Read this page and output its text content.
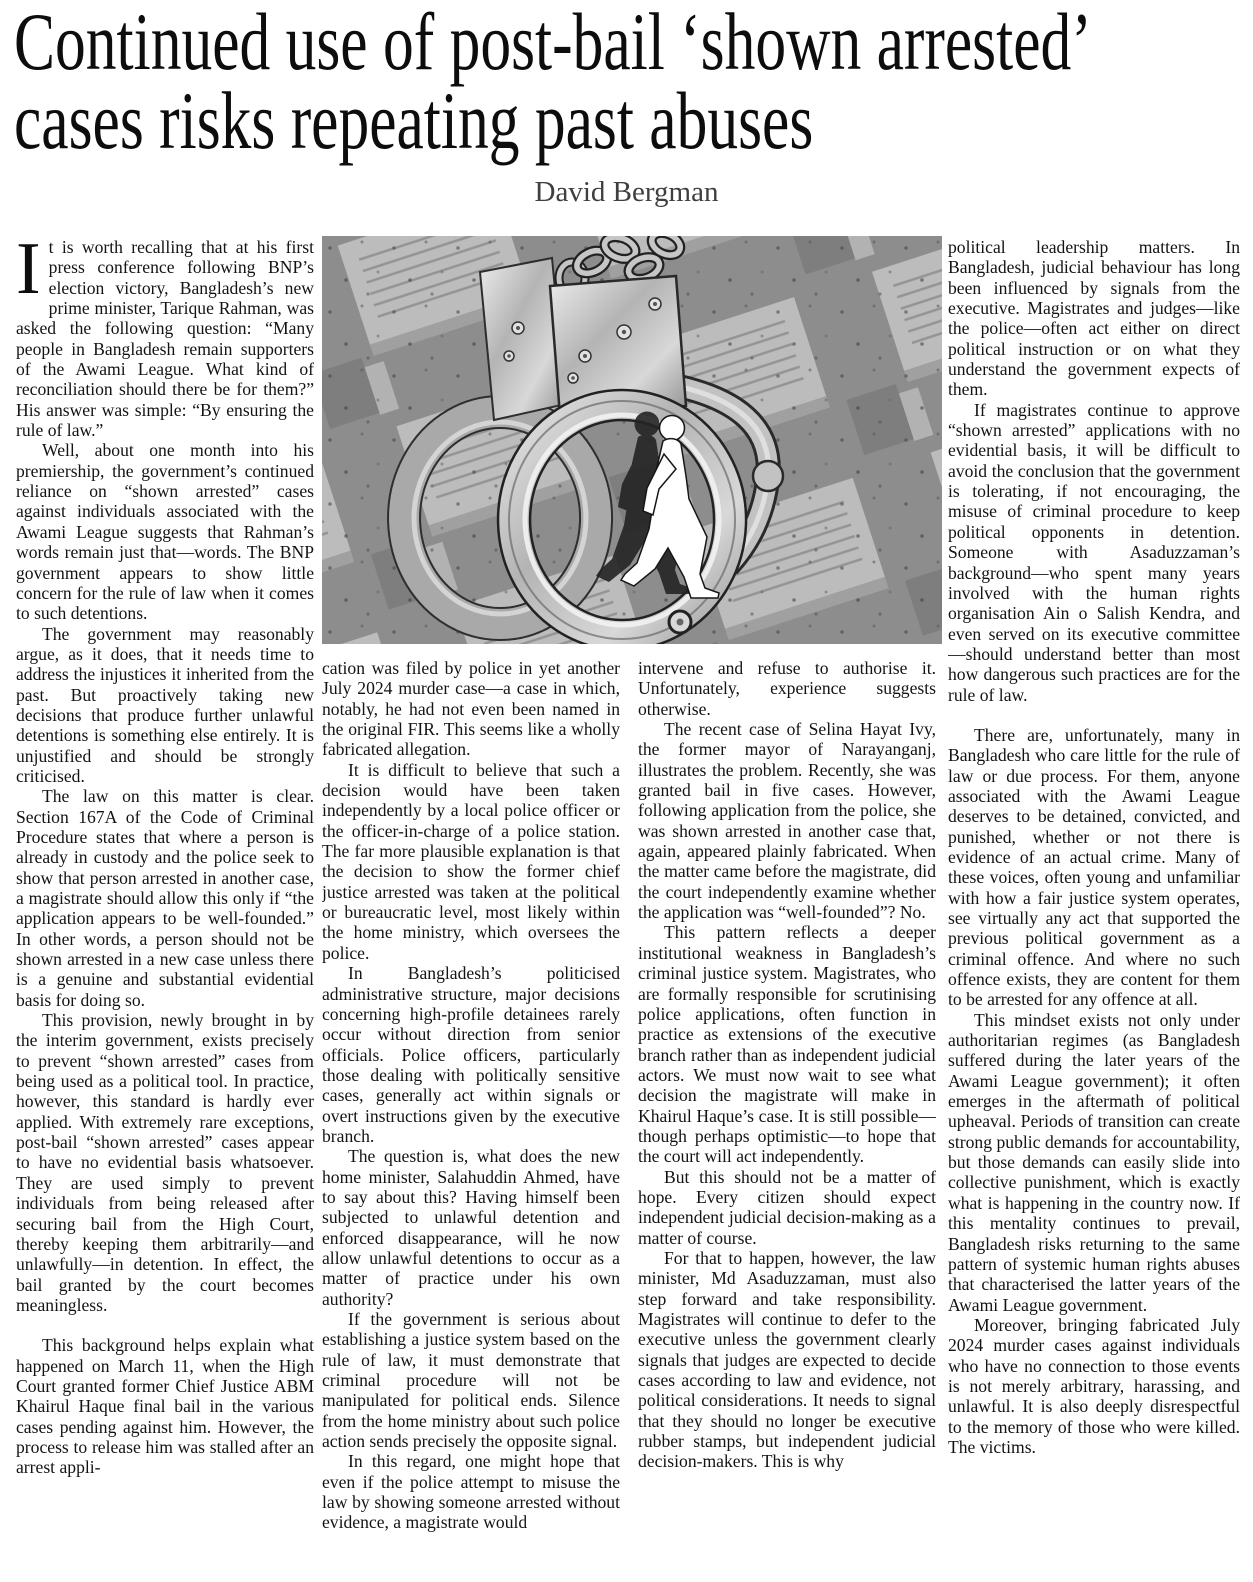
Continued use of post-bail ‘shown arrested’
cases risks repeating past abuses
David Bergman

It is worth recalling that at his first press conference following BNP’s election victory, Bangladesh’s new prime minister, Tarique Rahman, was asked the following question: “Many people in Bangladesh remain supporters of the Awami League. What kind of reconciliation should there be for them?” His answer was simple: “By ensuring the rule of law.”

Well, about one month into his premiership, the government’s continued reliance on “shown arrested” cases against individuals associated with the Awami League suggests that Rahman’s words remain just that—words. The BNP government appears to show little concern for the rule of law when it comes to such detentions.

The government may reasonably argue, as it does, that it needs time to address the injustices it inherited from the past. But proactively taking new decisions that produce further unlawful detentions is something else entirely. It is unjustified and should be strongly criticised.

The law on this matter is clear. Section 167A of the Code of Criminal Procedure states that where a person is already in custody and the police seek to show that person arrested in another case, a magistrate should allow this only if “the application appears to be well-founded.” In other words, a person should not be shown arrested in a new case unless there is a genuine and substantial evidential basis for doing so.

This provision, newly brought in by the interim government, exists precisely to prevent “shown arrested” cases from being used as a political tool. In practice, however, this standard is hardly ever applied. With extremely rare exceptions, post-bail “shown arrested” cases appear to have no evidential basis whatsoever. They are used simply to prevent individuals from being released after securing bail from the High Court, thereby keeping them arbitrarily—and unlawfully—in detention. In effect, the bail granted by the court becomes meaningless.

This background helps explain what happened on March 11, when the High Court granted former Chief Justice ABM Khairul Haque final bail in the various cases pending against him. However, the process to release him was stalled after an arrest appli-

cation was filed by police in yet another July 2024 murder case—a case in which, notably, he had not even been named in the original FIR. This seems like a wholly fabricated allegation.

It is difficult to believe that such a decision would have been taken independently by a local police officer or the officer-in-charge of a police station. The far more plausible explanation is that the decision to show the former chief justice arrested was taken at the political or bureaucratic level, most likely within the home ministry, which oversees the police.

In Bangladesh’s politicised administrative structure, major decisions concerning high-profile detainees rarely occur without direction from senior officials. Police officers, particularly those dealing with politically sensitive cases, generally act within signals or overt instructions given by the executive branch.

The question is, what does the new home minister, Salahuddin Ahmed, have to say about this? Having himself been subjected to unlawful detention and enforced disappearance, will he now allow unlawful detentions to occur as a matter of practice under his own authority?

If the government is serious about establishing a justice system based on the rule of law, it must demonstrate that criminal procedure will not be manipulated for political ends. Silence from the home ministry about such police action sends precisely the opposite signal.

In this regard, one might hope that even if the police attempt to misuse the law by showing someone arrested without evidence, a magistrate would

intervene and refuse to authorise it. Unfortunately, experience suggests otherwise.

The recent case of Selina Hayat Ivy, the former mayor of Narayanganj, illustrates the problem. Recently, she was granted bail in five cases. However, following application from the police, she was shown arrested in another case that, again, appeared plainly fabricated. When the matter came before the magistrate, did the court independently examine whether the application was “well-founded”? No.

This pattern reflects a deeper institutional weakness in Bangladesh’s criminal justice system. Magistrates, who are formally responsible for scrutinising police applications, often function in practice as extensions of the executive branch rather than as independent judicial actors. We must now wait to see what decision the magistrate will make in Khairul Haque’s case. It is still possible—though perhaps optimistic—to hope that the court will act independently.

But this should not be a matter of hope. Every citizen should expect independent judicial decision-making as a matter of course.

For that to happen, however, the law minister, Md Asaduzzaman, must also step forward and take responsibility. Magistrates will continue to defer to the executive unless the government clearly signals that judges are expected to decide cases according to law and evidence, not political considerations. It needs to signal that they should no longer be executive rubber stamps, but independent judicial decision-makers. This is why

political leadership matters. In Bangladesh, judicial behaviour has long been influenced by signals from the executive. Magistrates and judges—like the police—often act either on direct political instruction or on what they understand the government expects of them.

If magistrates continue to approve “shown arrested” applications with no evidential basis, it will be difficult to avoid the conclusion that the government is tolerating, if not encouraging, the misuse of criminal procedure to keep political opponents in detention. Someone with Asaduzzaman’s background—who spent many years involved with the human rights organisation Ain o Salish Kendra, and even served on its executive committee—should understand better than most how dangerous such practices are for the rule of law.

There are, unfortunately, many in Bangladesh who care little for the rule of law or due process. For them, anyone associated with the Awami League deserves to be detained, convicted, and punished, whether or not there is evidence of an actual crime. Many of these voices, often young and unfamiliar with how a fair justice system operates, see virtually any act that supported the previous political government as a criminal offence. And where no such offence exists, they are content for them to be arrested for any offence at all.

This mindset exists not only under authoritarian regimes (as Bangladesh suffered during the later years of the Awami League government); it often emerges in the aftermath of political upheaval. Periods of transition can create strong public demands for accountability, but those demands can easily slide into collective punishment, which is exactly what is happening in the country now. If this mentality continues to prevail, Bangladesh risks returning to the same pattern of systemic human rights abuses that characterised the latter years of the Awami League government.

Moreover, bringing fabricated July 2024 murder cases against individuals who have no connection to those events is not merely arbitrary, harassing, and unlawful. It is also deeply disrespectful to the memory of those who were killed. The victims.
